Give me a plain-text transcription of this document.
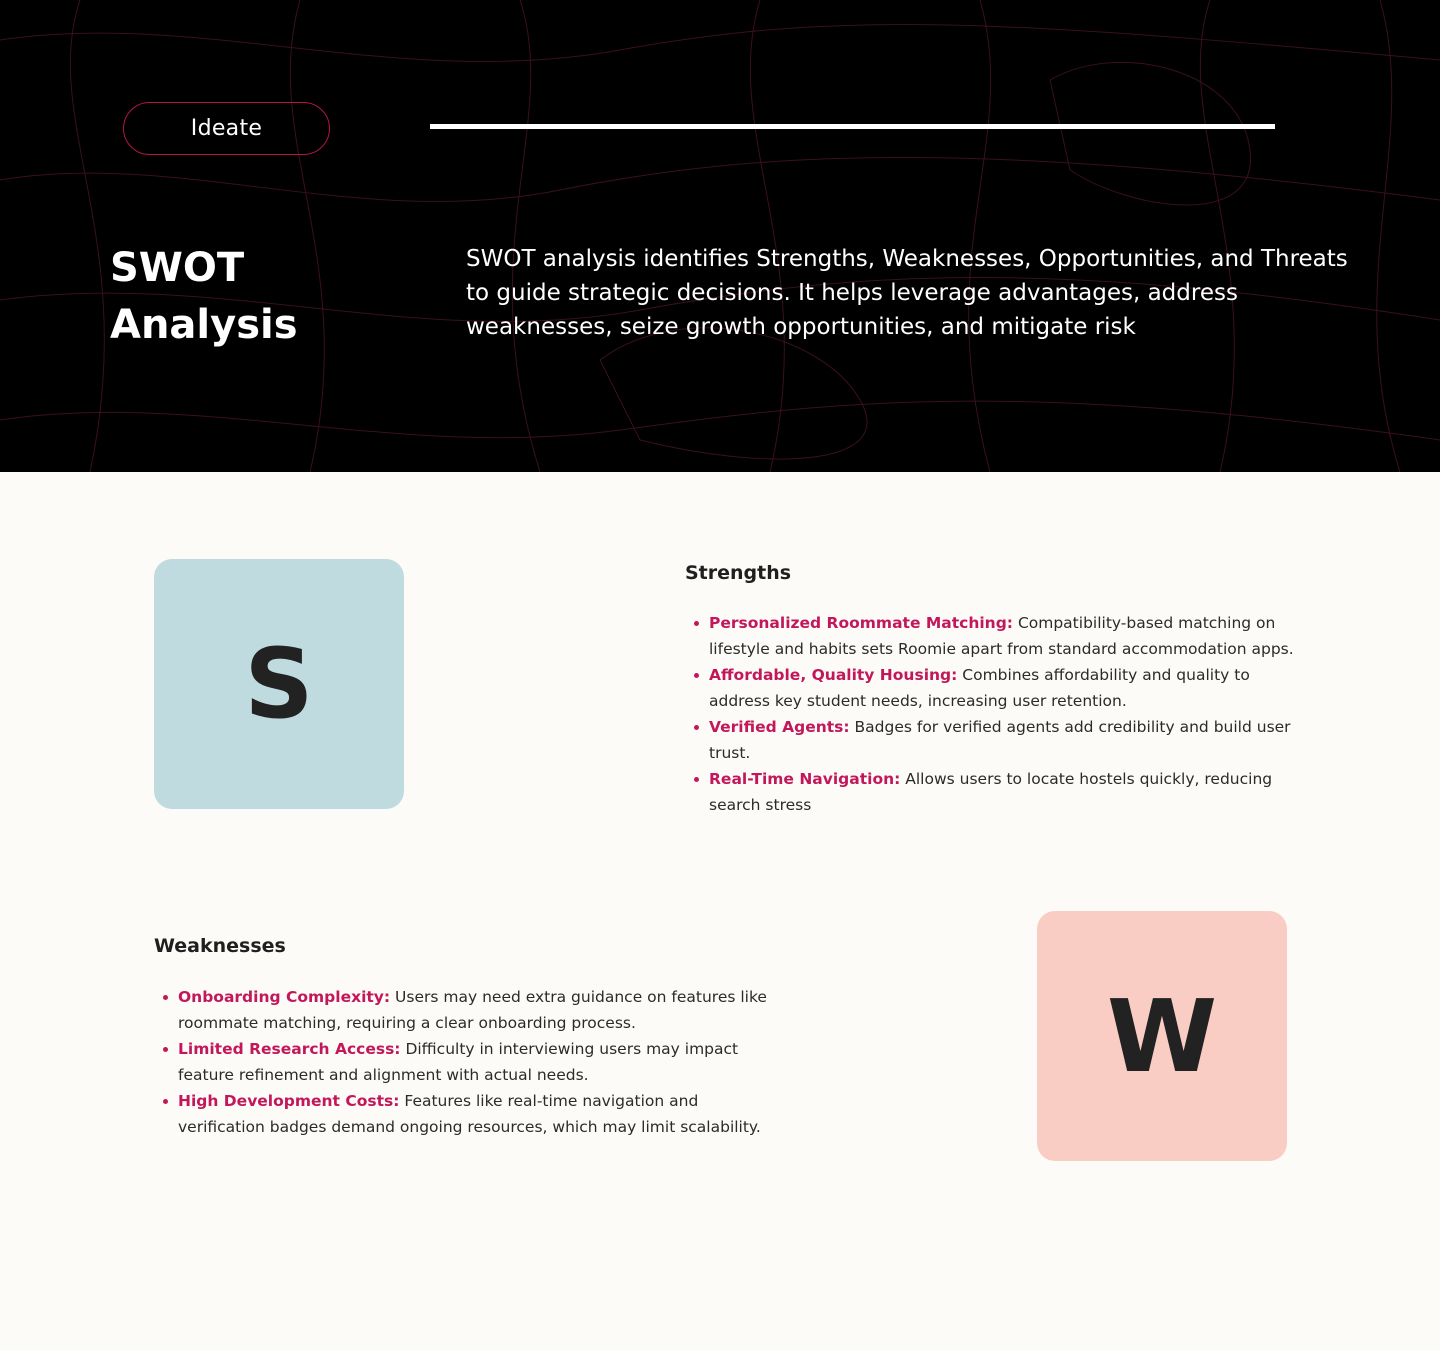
Ideate
SWOT Analysis

SWOT analysis identifies Strengths, Weaknesses, Opportunities, and Threats to guide strategic decisions. It helps leverage advantages, address weaknesses, seize growth opportunities, and mitigate risk

S
Strengths
Personalized Roommate Matching: Compatibility-based matching on lifestyle and habits sets Roomie apart from standard accommodation apps.
Affordable, Quality Housing: Combines affordability and quality to address key student needs, increasing user retention.
Verified Agents: Badges for verified agents add credibility and build user trust.
Real-Time Navigation: Allows users to locate hostels quickly, reducing search stress
Weaknesses
Onboarding Complexity: Users may need extra guidance on features like roommate matching, requiring a clear onboarding process.
Limited Research Access: Difficulty in interviewing users may impact feature refinement and alignment with actual needs.
High Development Costs: Features like real-time navigation and verification badges demand ongoing resources, which may limit scalability.
W
